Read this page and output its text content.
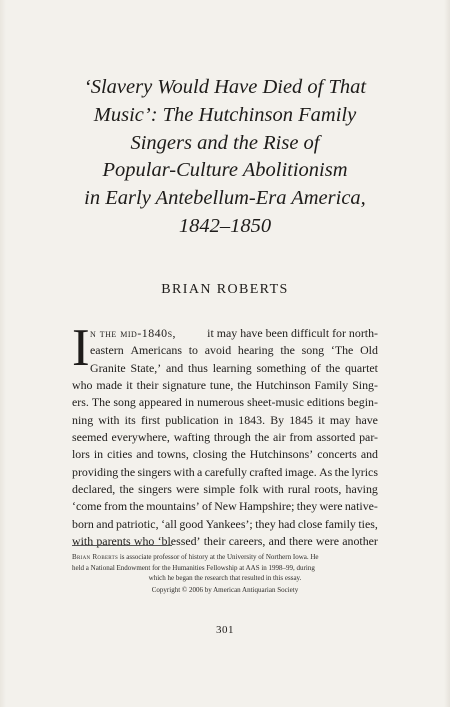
‘Slavery Would Have Died of That
Music’: The Hutchinson Family
Singers and the Rise of
Popular-Culture Abolitionism
in Early Antebellum-Era America,
1842–1850
BRIAN ROBERTS
I n the mid-1840s,	it may have been difficult for north-
eastern Americans to avoid hearing the song ‘The Old
Granite State,’ and thus learning something of the quartet
who made it their signature tune, the Hutchinson Family Sing-
ers. The song appeared in numerous sheet-music editions begin-
ning with its first publication in 1843. By 1845 it may have
seemed everywhere, wafting through the air from assorted par-
lors in cities and towns, closing the Hutchinsons’ concerts and
providing the singers with a carefully crafted image. As the lyrics
declared, the singers were simple folk with rural roots, having
‘come from the mountains’ of New Hampshire; they were native-
born and patriotic, ‘all good Yankees’; they had close family ties,
with parents who ‘blessed’ their careers, and there were another
Brian Roberts is associate professor of history at the University of Northern Iowa. He
held a National Endowment for the Humanities Fellowship at AAS in 1998–99, during
which he began the research that resulted in this essay.
Copyright © 2006 by American Antiquarian Society
301
